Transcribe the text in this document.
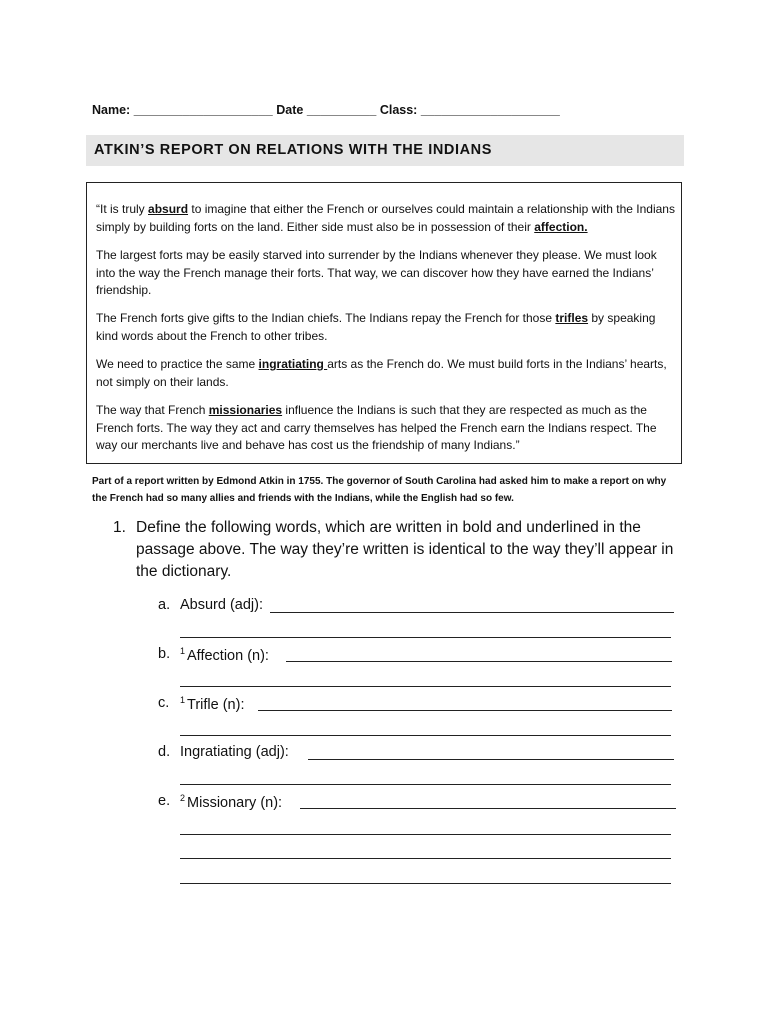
Name: ____________________ Date __________ Class: ____________________
ATKIN’S REPORT ON RELATIONS WITH THE INDIANS

“It is truly absurd to imagine that either the French or ourselves could maintain a relationship with the Indians simply by building forts on the land. Either side must also be in possession of their affection.

The largest forts may be easily starved into surrender by the Indians whenever they please. We must look into the way the French manage their forts. That way, we can discover how they have earned the Indians’ friendship.

The French forts give gifts to the Indian chiefs. The Indians repay the French for those trifles by speaking kind words about the French to other tribes.

We need to practice the same ingratiating arts as the French do. We must build forts in the Indians’ hearts, not simply on their lands.

The way that French missionaries influence the Indians is such that they are respected as much as the French forts. The way they act and carry themselves has helped the French earn the Indians respect. The way our merchants live and behave has cost us the friendship of many Indians.”

Part of a report written by Edmond Atkin in 1755. The governor of South Carolina had asked him to make a report on why the French had so many allies and friends with the Indians, while the English had so few.
1. Define the following words, which are written in bold and underlined in the passage above. The way they’re written is identical to the way they’ll appear in the dictionary.

a.

Absurd (adj):

b.

$^1$ Affection (n):

c.

$^1$ Trifle (n):

d.

Ingratiating (adj):

e.

$^2$ Missionary (n):
